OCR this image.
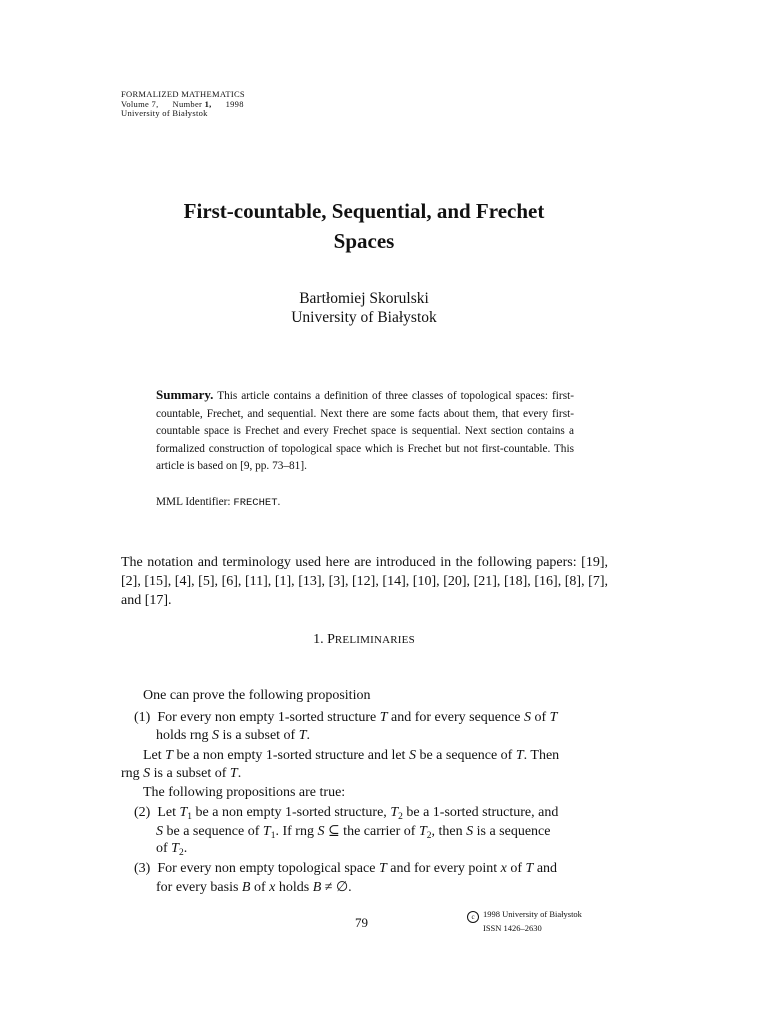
FORMALIZED MATHEMATICS
Volume 7, Number 1, 1998
University of Białystok
First-countable, Sequential, and Frechet
Spaces
Bartłomiej Skorulski
University of Białystok
Summary. This article contains a definition of three classes of topological spaces: first-countable, Frechet, and sequential. Next there are some facts about them, that every first-countable space is Frechet and every Frechet space is sequential. Next section contains a formalized construction of topological space which is Frechet but not first-countable. This article is based on [9, pp. 73–81].
MML Identifier: FRECHET.
The notation and terminology used here are introduced in the following papers: [19], [2], [15], [4], [5], [6], [11], [1], [13], [3], [12], [14], [10], [20], [21], [18], [16], [8], [7], and [17].
1. PRELIMINARIES
One can prove the following proposition
(1) For every non empty 1-sorted structure T and for every sequence S of T
holds rng S is a subset of T.
Let T be a non empty 1-sorted structure and let S be a sequence of T. Then
rng S is a subset of T.
The following propositions are true:
(2) Let $T_1$ be a non empty 1-sorted structure, $T_2$ be a 1-sorted structure, and
S be a sequence of $T_1$. If rng S ⊆ the carrier of $T_2$, then S is a sequence
of $T_2$.
(3) For every non empty topological space T and for every point x of T and
for every basis B of x holds B ≠ ∅.
79	c 1998 University of Białystok
ISSN 1426–2630
